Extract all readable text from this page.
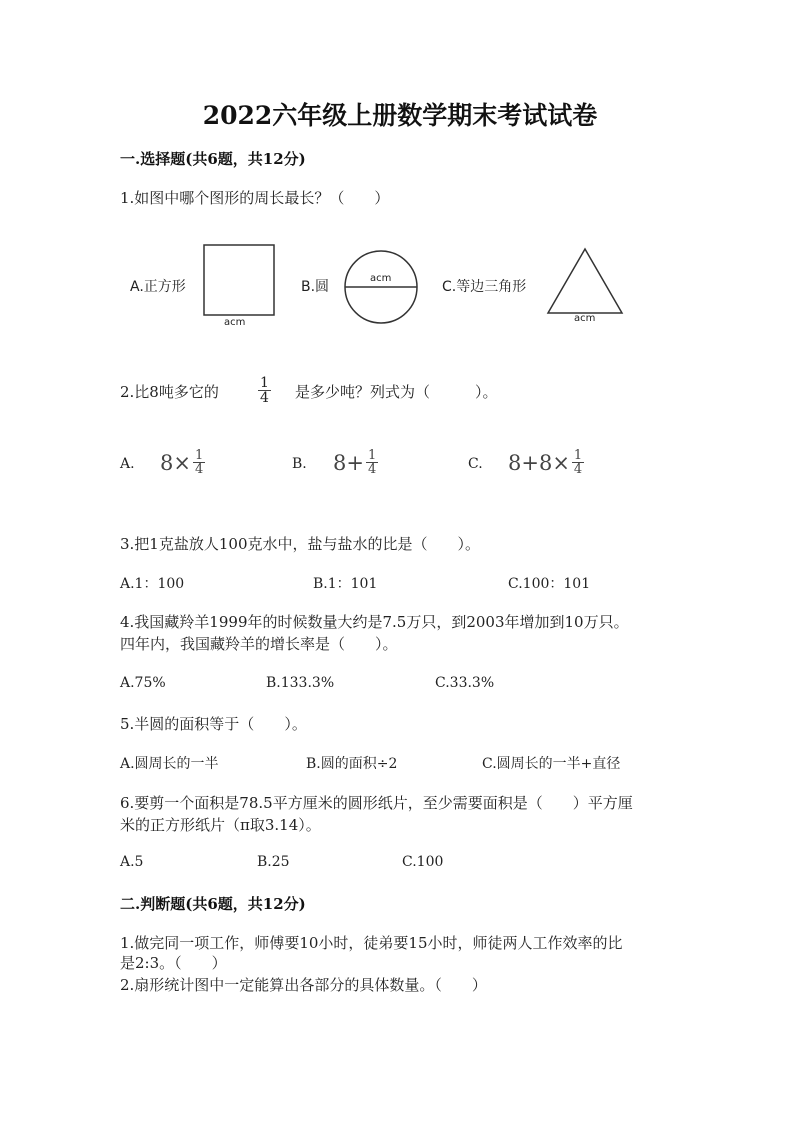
2022六年级上册数学期末考试试卷
一.选择题(共6题，共12分)
1.如图中哪个图形的周长最长？（　　）
A.正方形
acm
B.圆
acm
C.等边三角形
acm
2.比8吨多它的	$\frac{1}{4}$ 是多少吨？列式为（　　　）。
A. $8\times \frac{1}{4}$	B. $8+ \frac{1}{4}$	C. $8+8\times \frac{1}{4}$
3.把1克盐放人100克水中，盐与盐水的比是（　　）。
A.1：100	B.1：101	C.100：101
4.我国藏羚羊1999年的时候数量大约是7.5万只，到2003年增加到10万只。
四年内，我国藏羚羊的增长率是（　　）。
A.75%	B.133.3%	C.33.3%
5.半圆的面积等于（　　）。
A.圆周长的一半	B.圆的面积÷2	C.圆周长的一半+直径
6.要剪一个面积是78.5平方厘米的圆形纸片，至少需要面积是（　　）平方厘
米的正方形纸片（π取3.14）。
A.5	B.25	C.100
二.判断题(共6题，共12分)
1.做完同一项工作，师傅要10小时，徒弟要15小时，师徒两人工作效率的比
是2:3。（　　）
2.扇形统计图中一定能算出各部分的具体数量。（　　）
